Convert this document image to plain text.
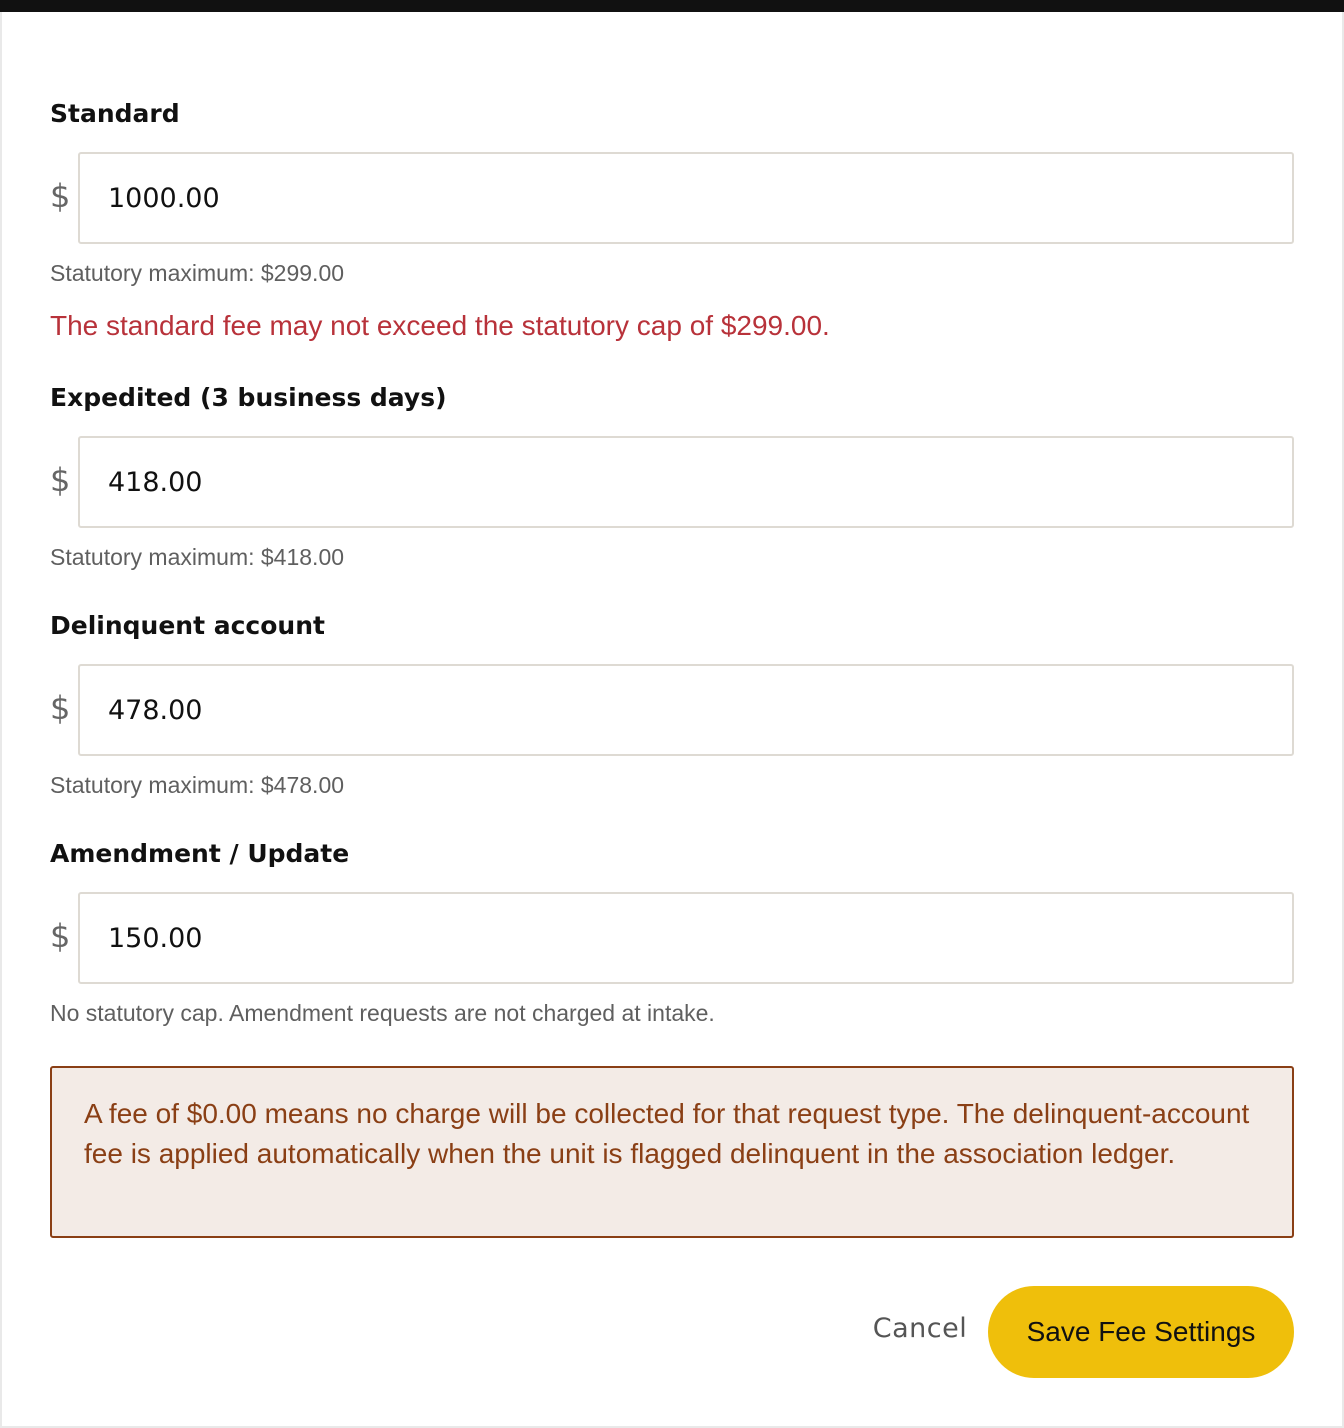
Standard
$
1000.00
Statutory maximum: $299.00
The standard fee may not exceed the statutory cap of $299.00.
Expedited (3 business days)
$
418.00
Statutory maximum: $418.00
Delinquent account
$
478.00
Statutory maximum: $478.00
Amendment / Update
$
150.00
No statutory cap. Amendment requests are not charged at intake.
A fee of $0.00 means no charge will be collected for that request type. The delinquent-account fee is applied automatically when the unit is flagged delinquent in the association ledger.
Cancel	Save Fee Settings
